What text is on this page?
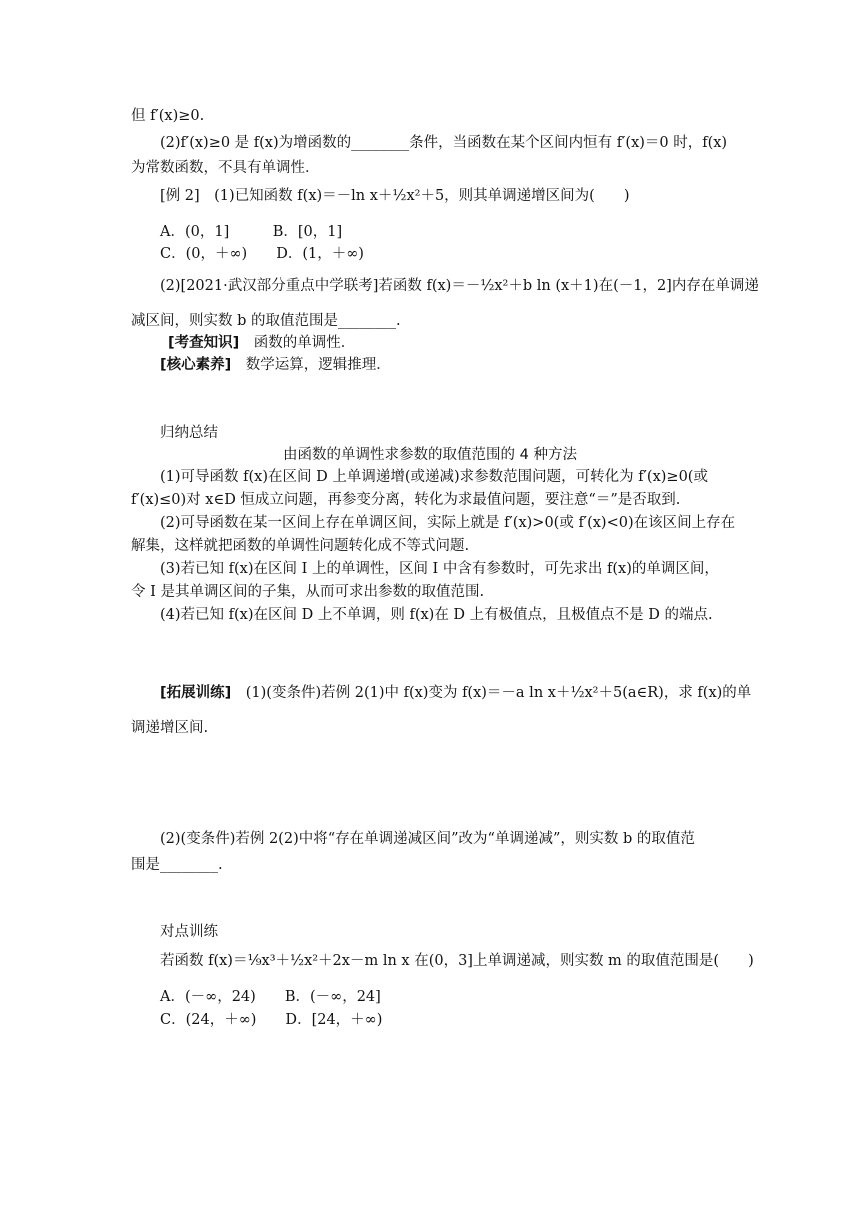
但 f′(x)≥0.
(2)f′(x)≥0 是 f(x)为增函数的________条件，当函数在某个区间内恒有 f′(x)＝0 时，f(x)
为常数函数，不具有单调性．
[例 2]　(1)已知函数 f(x)＝－ln x＋½x²＋5，则其单调递增区间为(　　)
A．(0，1]　　　B．[0，1]
C．(0，＋∞)　　D．(1，＋∞)
(2)[2021·武汉部分重点中学联考]若函数 f(x)＝－½x²＋b ln (x＋1)在(－1，2]内存在单调递
减区间，则实数 b 的取值范围是________.
[考查知识]　函数的单调性．
[核心素养]　数学运算，逻辑推理．
归纳总结
由函数的单调性求参数的取值范围的 4 种方法
(1)可导函数 f(x)在区间 D 上单调递增(或递减)求参数范围问题，可转化为 f′(x)≥0(或
f′(x)≤0)对 x∈D 恒成立问题，再参变分离，转化为求最值问题，要注意“＝”是否取到.
(2)可导函数在某一区间上存在单调区间，实际上就是 f′(x)>0(或 f′(x)<0)在该区间上存在
解集，这样就把函数的单调性问题转化成不等式问题.
(3)若已知 f(x)在区间 I 上的单调性，区间 I 中含有参数时，可先求出 f(x)的单调区间，
令 I 是其单调区间的子集，从而可求出参数的取值范围.
(4)若已知 f(x)在区间 D 上不单调，则 f(x)在 D 上有极值点，且极值点不是 D 的端点.
[拓展训练]　(1)(变条件)若例 2(1)中 f(x)变为 f(x)＝－a ln x＋½x²＋5(a∈R)，求 f(x)的单
调递增区间.
(2)(变条件)若例 2(2)中将“存在单调递减区间”改为“单调递减”，则实数 b 的取值范
围是________.
对点训练
若函数 f(x)＝⅑x³＋½x²＋2x－m ln x 在(0，3]上单调递减，则实数 m 的取值范围是(　　)
A．(－∞，24)　　B．(－∞，24]
C．(24，＋∞)　　D．[24，＋∞)
